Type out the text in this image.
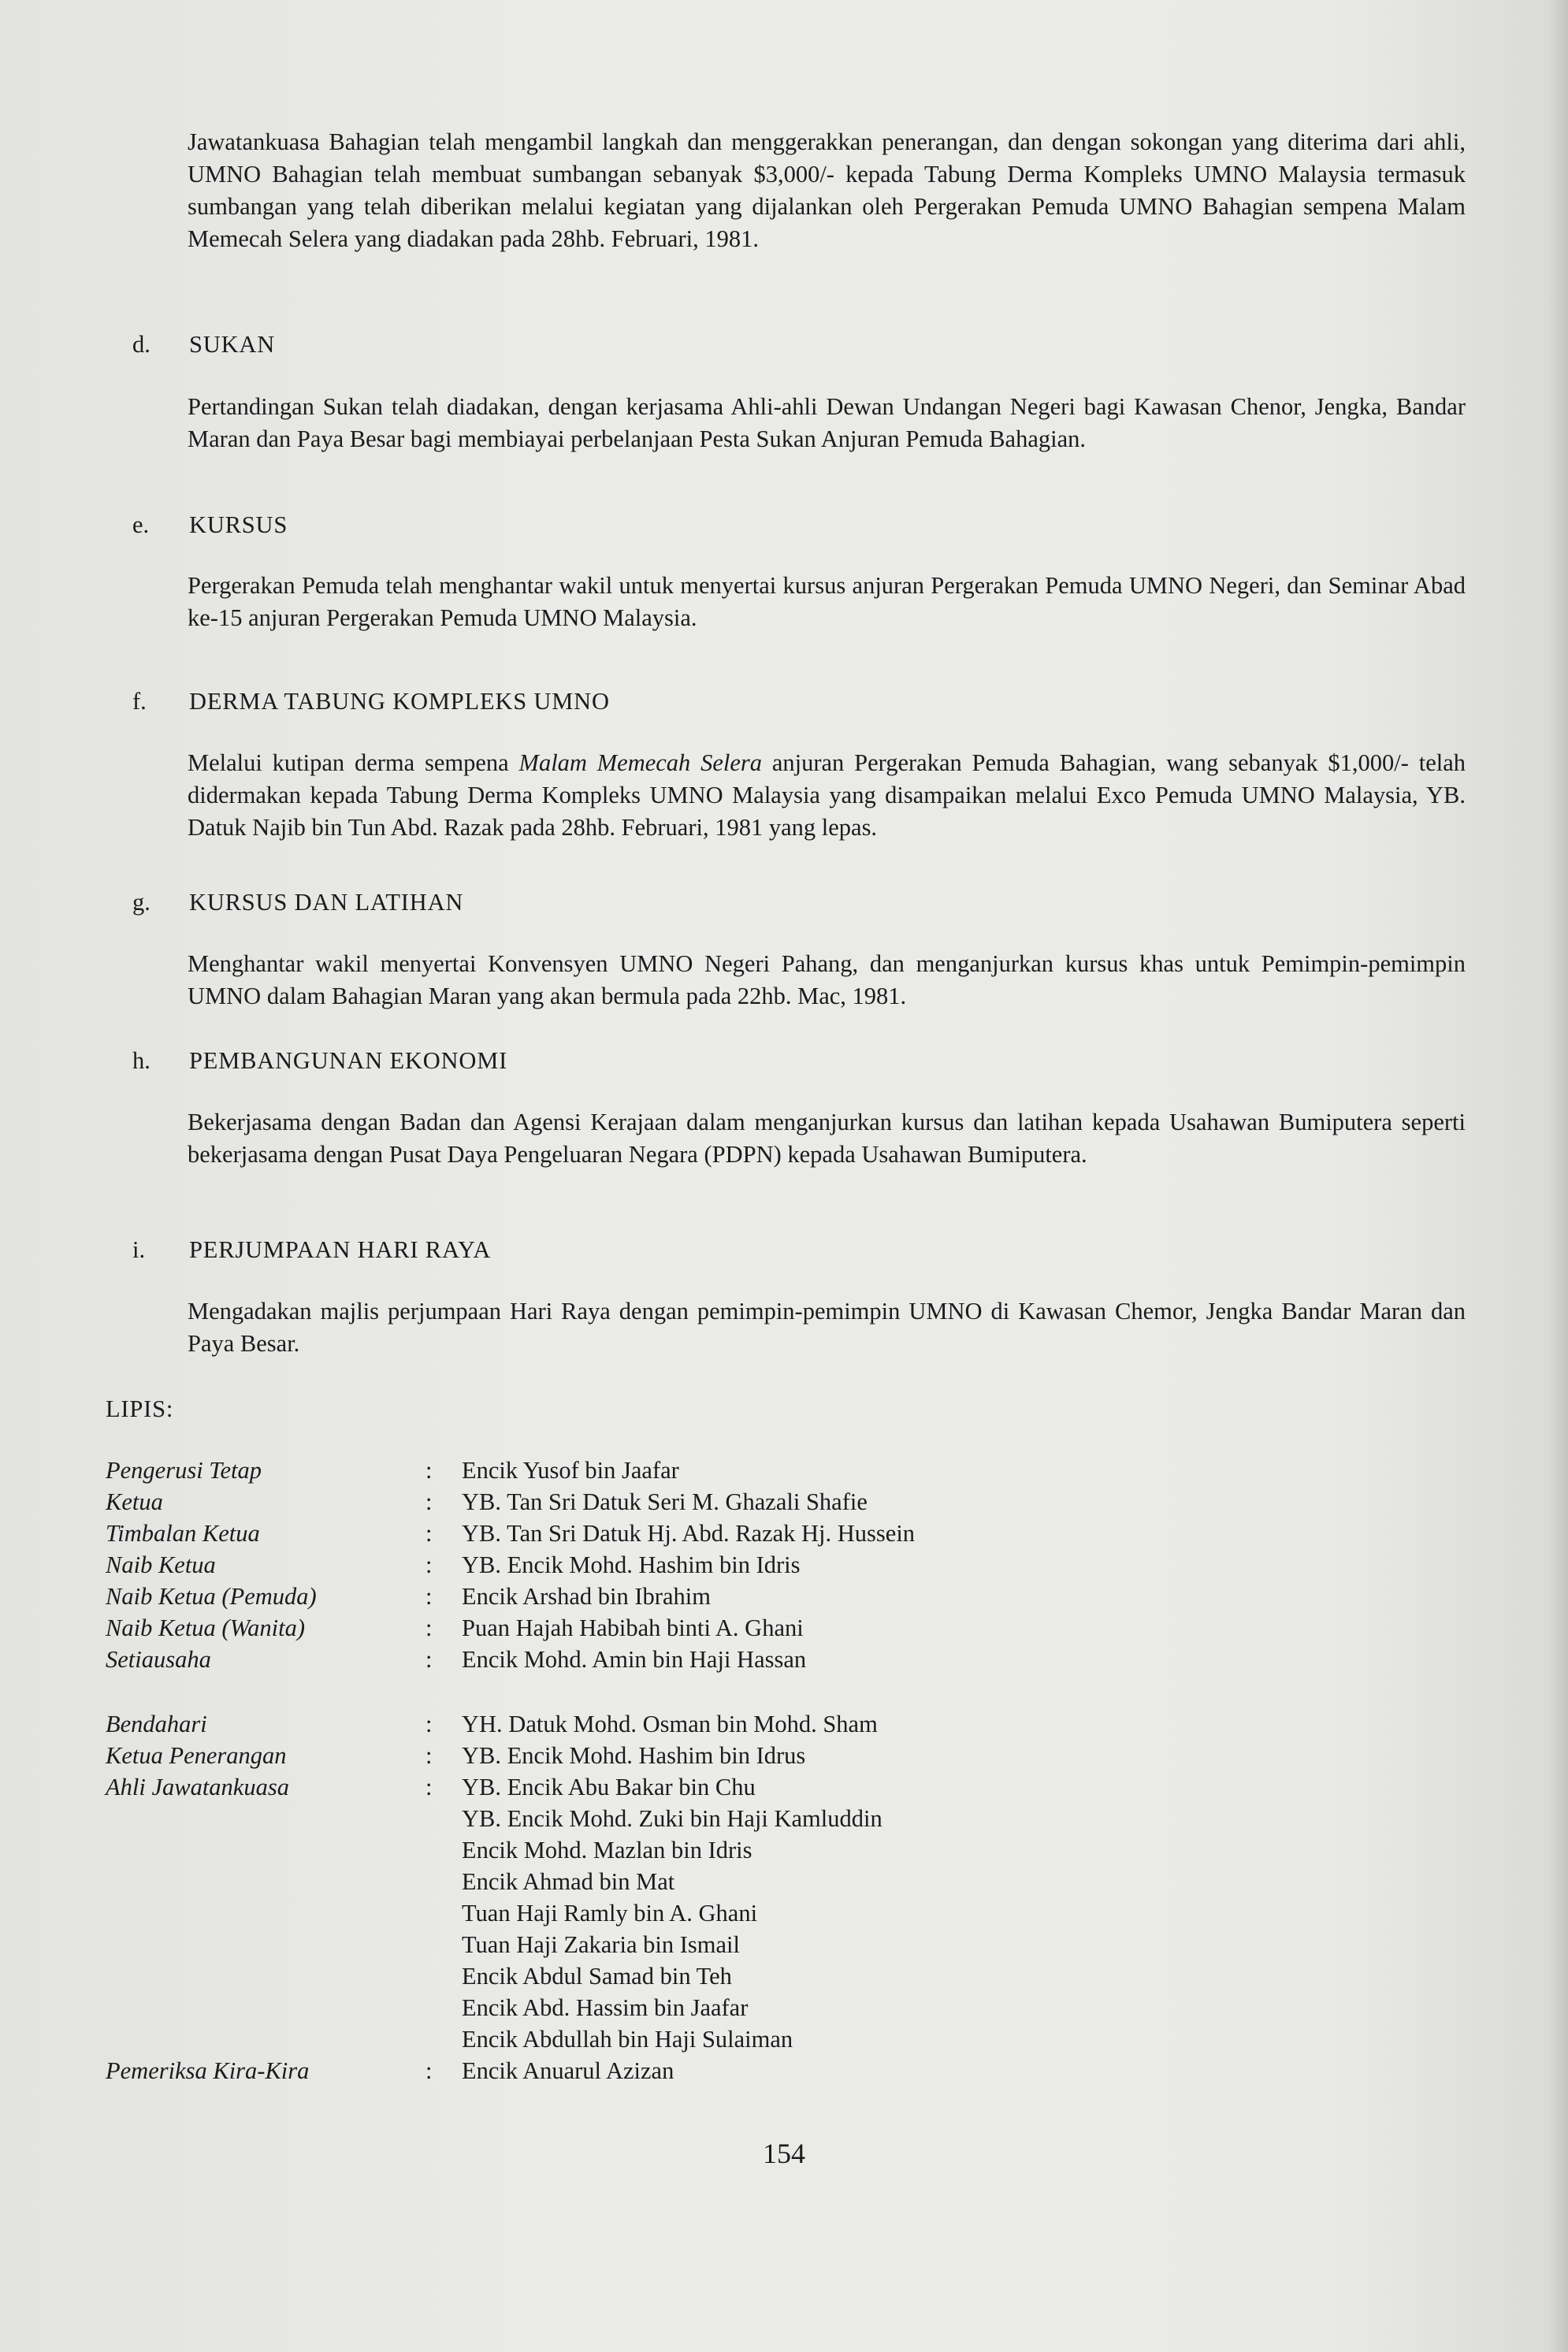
Jawatankuasa Bahagian telah mengambil langkah dan menggerakkan penerangan, dan dengan sokongan yang diterima dari ahli, UMNO Bahagian telah membuat sumbangan sebanyak $3,000/- kepada Tabung Derma Kompleks UMNO Malaysia termasuk sumbangan yang telah diberikan melalui kegiatan yang dijalankan oleh Pergerakan Pemuda UMNO Bahagian sempena Malam Memecah Selera yang diadakan pada 28hb. Februari, 1981.

d. SUKAN

Pertandingan Sukan telah diadakan, dengan kerjasama Ahli-ahli Dewan Undangan Negeri bagi Kawasan Chenor, Jengka, Bandar Maran dan Paya Besar bagi membiayai perbelanjaan Pesta Sukan Anjuran Pemuda Bahagian.

e. KURSUS

Pergerakan Pemuda telah menghantar wakil untuk menyertai kursus anjuran Pergerakan Pemuda UMNO Negeri, dan Seminar Abad ke-15 anjuran Pergerakan Pemuda UMNO Malaysia.

f. DERMA TABUNG KOMPLEKS UMNO

Melalui kutipan derma sempena Malam Memecah Selera anjuran Pergerakan Pemuda Bahagian, wang sebanyak $1,000/- telah didermakan kepada Tabung Derma Kompleks UMNO Malaysia yang disampaikan melalui Exco Pemuda UMNO Malaysia, YB. Datuk Najib bin Tun Abd. Razak pada 28hb. Februari, 1981 yang lepas.

g. KURSUS DAN LATIHAN

Menghantar wakil menyertai Konvensyen UMNO Negeri Pahang, dan menganjurkan kursus khas untuk Pemimpin-pemimpin UMNO dalam Bahagian Maran yang akan bermula pada 22hb. Mac, 1981.

h. PEMBANGUNAN EKONOMI

Bekerjasama dengan Badan dan Agensi Kerajaan dalam menganjurkan kursus dan latihan kepada Usahawan Bumiputera seperti bekerjasama dengan Pusat Daya Pengeluaran Negara (PDPN) kepada Usahawan Bumiputera.

i. PERJUMPAAN HARI RAYA

Mengadakan majlis perjumpaan Hari Raya dengan pemimpin-pemimpin UMNO di Kawasan Chemor, Jengka Bandar Maran dan Paya Besar.

LIPIS:
Pengerusi Tetap	:	Encik Yusof bin Jaafar
Ketua	:	YB. Tan Sri Datuk Seri M. Ghazali Shafie
Timbalan Ketua	:	YB. Tan Sri Datuk Hj. Abd. Razak Hj. Hussein
Naib Ketua	:	YB. Encik Mohd. Hashim bin Idris
Naib Ketua (Pemuda)	:	Encik Arshad bin Ibrahim
Naib Ketua (Wanita)	:	Puan Hajah Habibah binti A. Ghani
Setiausaha	:	Encik Mohd. Amin bin Haji Hassan
Bendahari	:	YH. Datuk Mohd. Osman bin Mohd. Sham
Ketua Penerangan	:	YB. Encik Mohd. Hashim bin Idrus
Ahli Jawatankuasa	:	YB. Encik Abu Bakar bin Chu
YB. Encik Mohd. Zuki bin Haji Kamluddin
Encik Mohd. Mazlan bin Idris
Encik Ahmad bin Mat
Tuan Haji Ramly bin A. Ghani
Tuan Haji Zakaria bin Ismail
Encik Abdul Samad bin Teh
Encik Abd. Hassim bin Jaafar
Encik Abdullah bin Haji Sulaiman
Pemeriksa Kira-Kira	:	Encik Anuarul Azizan
154
